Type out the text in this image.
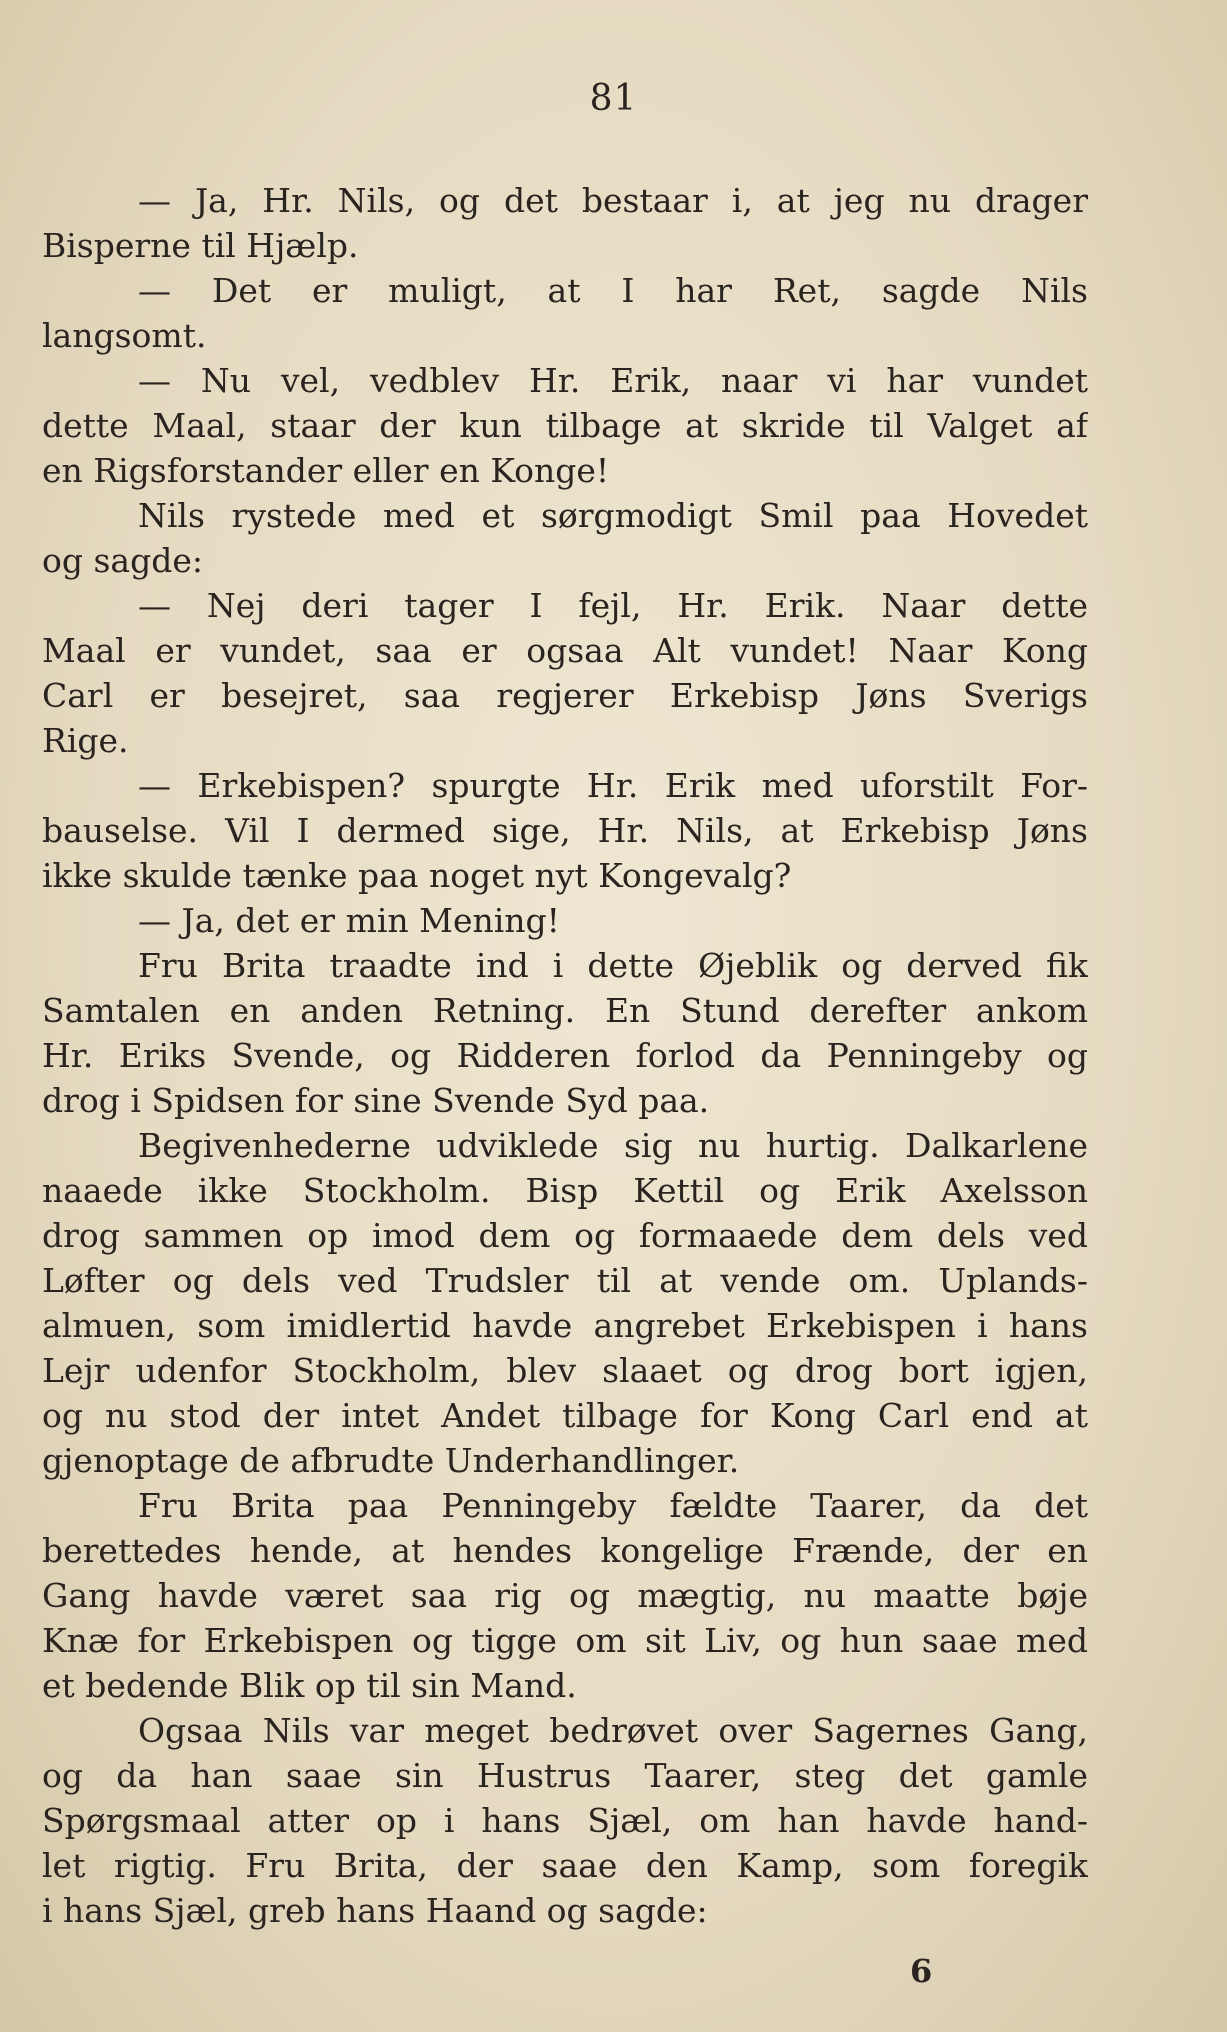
81
— Ja, Hr. Nils, og det bestaar i, at jeg nu drager
Bisperne til Hjælp.
— Det er muligt, at I har Ret, sagde Nils
langsomt.
— Nu vel, vedblev Hr. Erik, naar vi har vundet
dette Maal, staar der kun tilbage at skride til Valget af
en Rigsforstander eller en Konge!
Nils rystede med et sørgmodigt Smil paa Hovedet
og sagde:
— Nej deri tager I fejl, Hr. Erik. Naar dette
Maal er vundet, saa er ogsaa Alt vundet! Naar Kong
Carl er besejret, saa regjerer Erkebisp Jøns Sverigs
Rige.
— Erkebispen? spurgte Hr. Erik med uforstilt For-
bauselse. Vil I dermed sige, Hr. Nils, at Erkebisp Jøns
ikke skulde tænke paa noget nyt Kongevalg?
— Ja, det er min Mening!
Fru Brita traadte ind i dette Øjeblik og derved fik
Samtalen en anden Retning. En Stund derefter ankom
Hr. Eriks Svende, og Ridderen forlod da Penningeby og
drog i Spidsen for sine Svende Syd paa.
Begivenhederne udviklede sig nu hurtig. Dalkarlene
naaede ikke Stockholm. Bisp Kettil og Erik Axelsson
drog sammen op imod dem og formaaede dem dels ved
Løfter og dels ved Trudsler til at vende om. Uplands-
almuen, som imidlertid havde angrebet Erkebispen i hans
Lejr udenfor Stockholm, blev slaaet og drog bort igjen,
og nu stod der intet Andet tilbage for Kong Carl end at
gjenoptage de afbrudte Underhandlinger.
Fru Brita paa Penningeby fældte Taarer, da det
berettedes hende, at hendes kongelige Frænde, der en
Gang havde været saa rig og mægtig, nu maatte bøje
Knæ for Erkebispen og tigge om sit Liv, og hun saae med
et bedende Blik op til sin Mand.
Ogsaa Nils var meget bedrøvet over Sagernes Gang,
og da han saae sin Hustrus Taarer, steg det gamle
Spørgsmaal atter op i hans Sjæl, om han havde hand-
let rigtig. Fru Brita, der saae den Kamp, som foregik
i hans Sjæl, greb hans Haand og sagde:
6
